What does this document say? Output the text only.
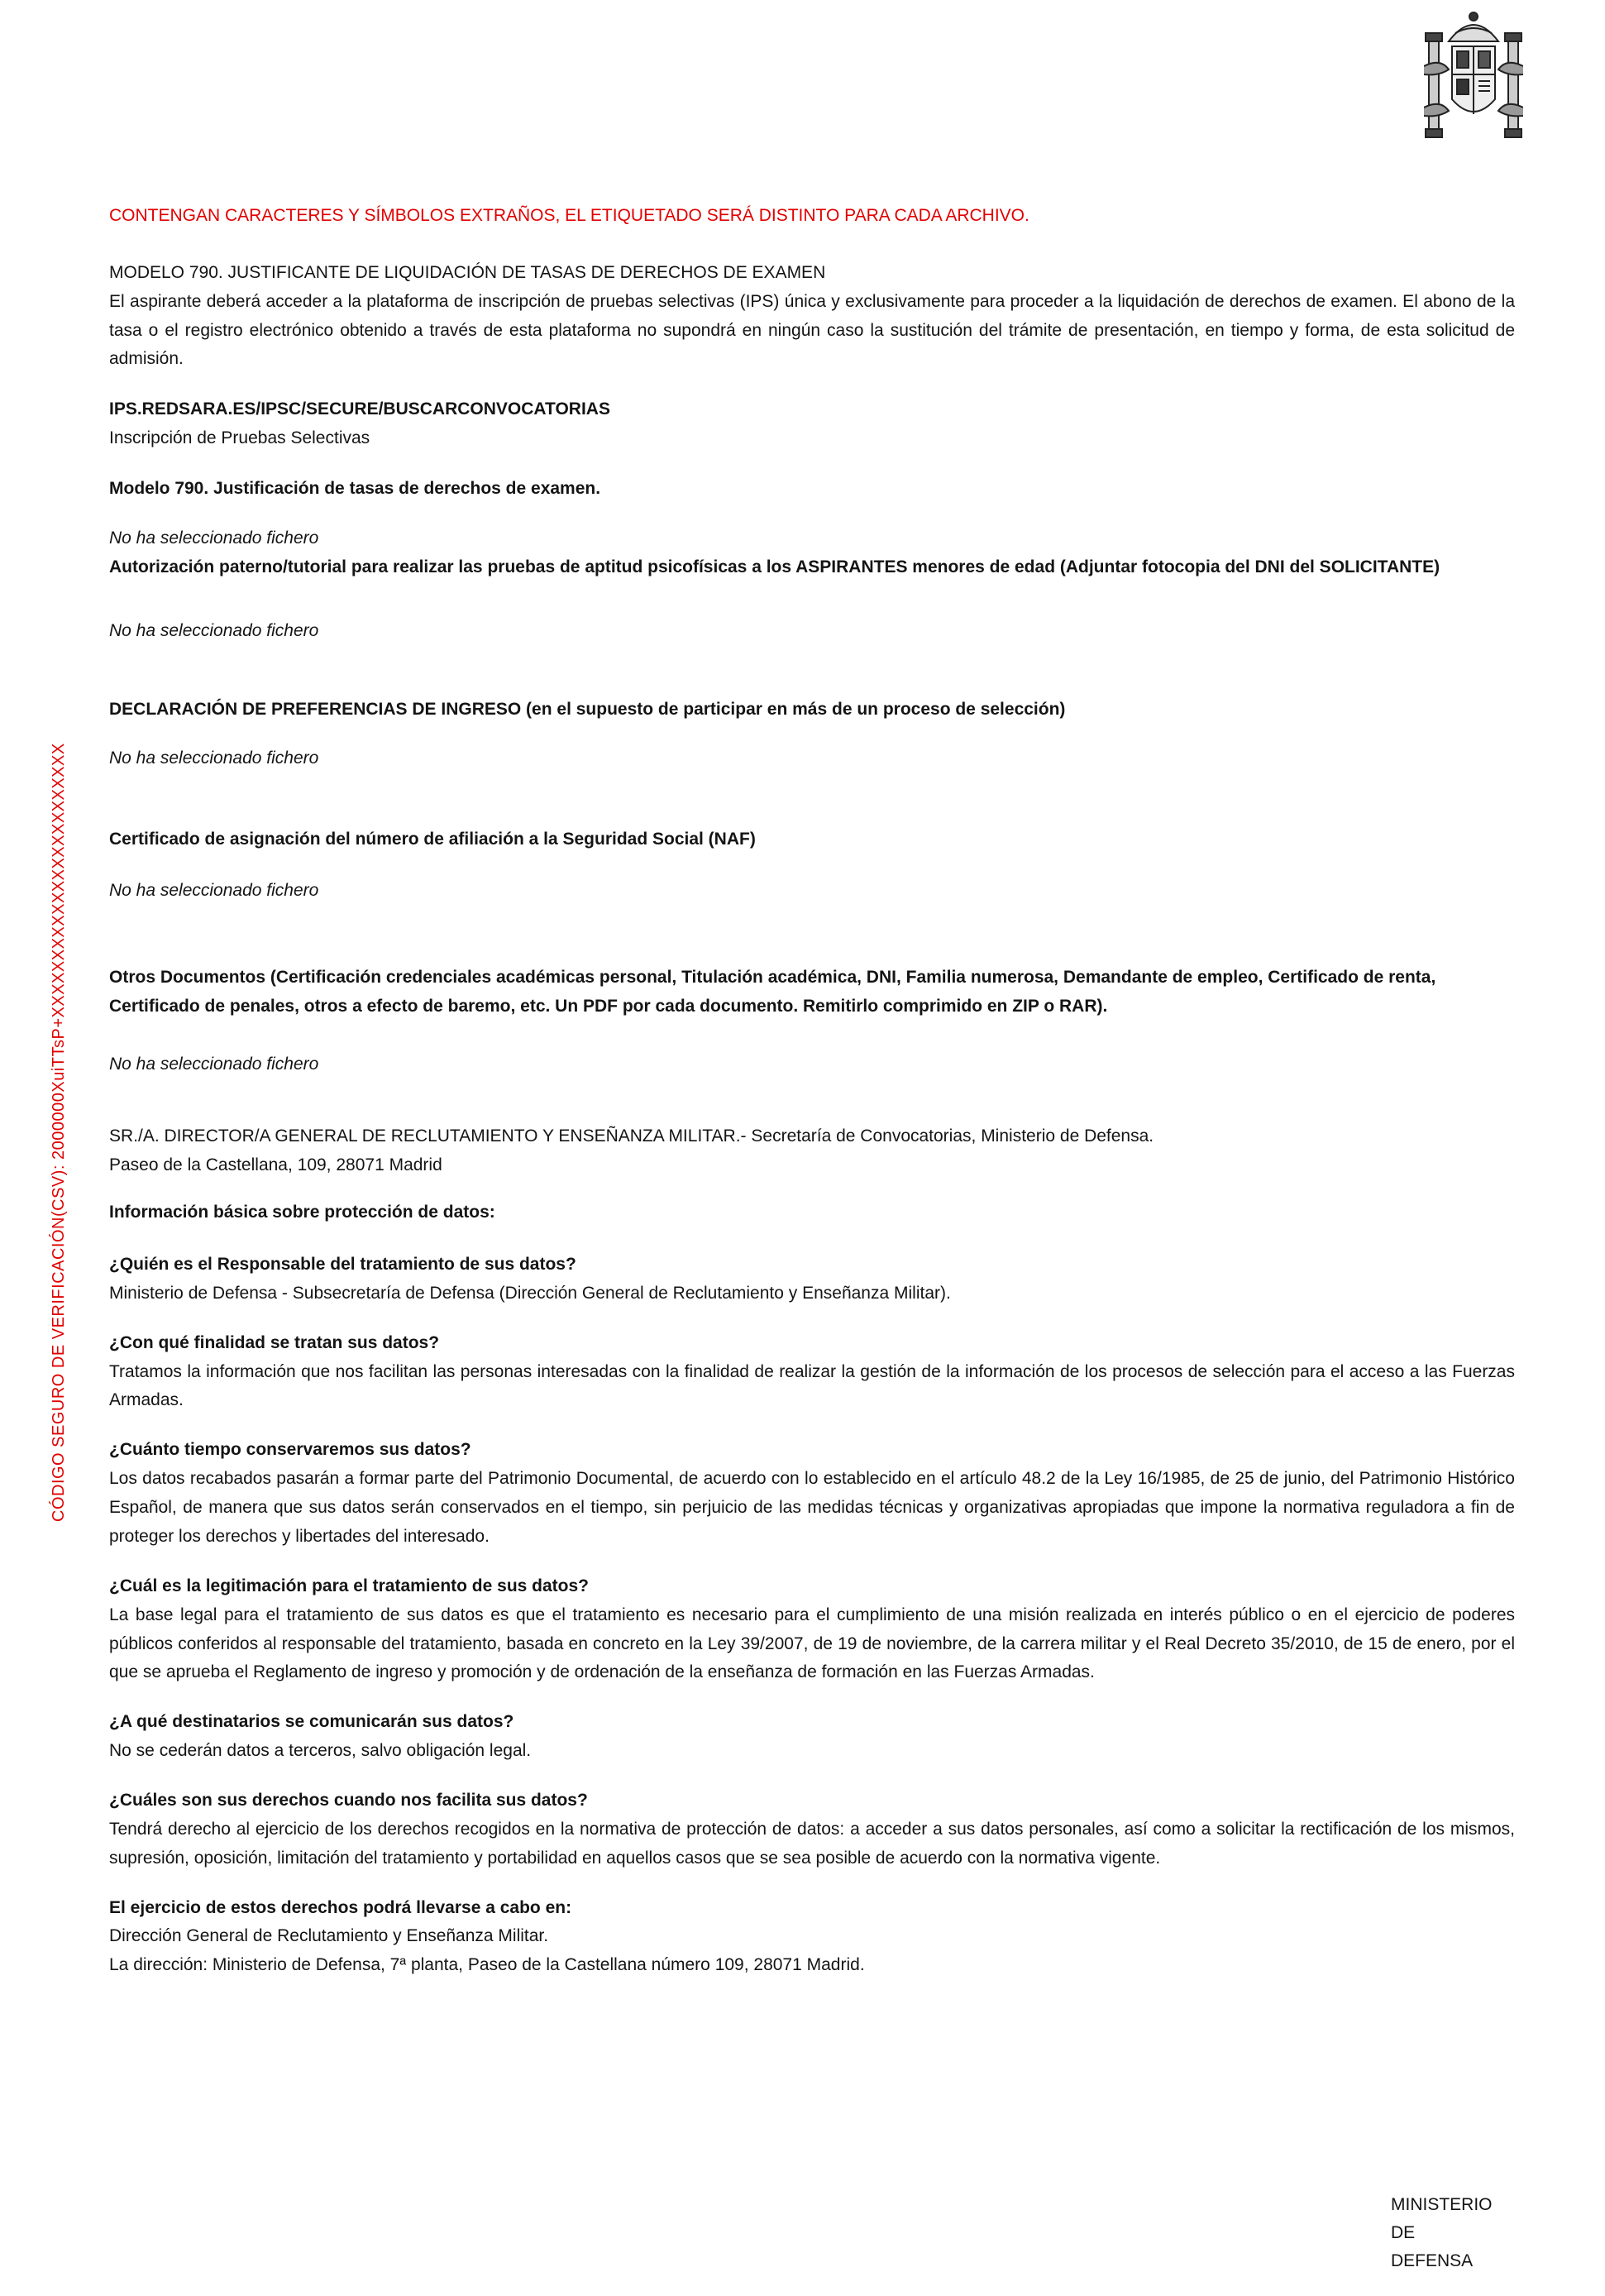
CÓDIGO SEGURO DE VERIFICACIÓN(CSV): 2000000XuiTTsP+XXXXXXXXXXXXXXXXXXXXXXXX

CONTENGAN CARACTERES Y SÍMBOLOS EXTRAÑOS, EL ETIQUETADO SERÁ DISTINTO PARA CADA ARCHIVO.

MODELO 790. JUSTIFICANTE DE LIQUIDACIÓN DE TASAS DE DERECHOS DE EXAMEN

El aspirante deberá acceder a la plataforma de inscripción de pruebas selectivas (IPS) única y exclusivamente para proceder a la liquidación de derechos de examen. El abono de la tasa o el registro electrónico obtenido a través de esta plataforma no supondrá en ningún caso la sustitución del trámite de presentación, en tiempo y forma, de esta solicitud de admisión.

IPS.REDSARA.ES/IPSC/SECURE/BUSCARCONVOCATORIAS

Inscripción de Pruebas Selectivas

Modelo 790. Justificación de tasas de derechos de examen.

No ha seleccionado fichero

Autorización paterno/tutorial para realizar las pruebas de aptitud psicofísicas a los ASPIRANTES menores de edad (Adjuntar fotocopia del DNI del SOLICITANTE)

No ha seleccionado fichero

DECLARACIÓN DE PREFERENCIAS DE INGRESO (en el supuesto de participar en más de un proceso de selección)

No ha seleccionado fichero

Certificado de asignación del número de afiliación a la Seguridad Social (NAF)

No ha seleccionado fichero

Otros Documentos (Certificación credenciales académicas personal, Titulación académica, DNI, Familia numerosa, Demandante de empleo, Certificado de renta, Certificado de penales, otros a efecto de baremo, etc. Un PDF por cada documento. Remitirlo comprimido en ZIP o RAR).

No ha seleccionado fichero

SR./A. DIRECTOR/A GENERAL DE RECLUTAMIENTO Y ENSEÑANZA MILITAR.- Secretaría de Convocatorias, Ministerio de Defensa.

Paseo de la Castellana, 109, 28071 Madrid

Información básica sobre protección de datos:

¿Quién es el Responsable del tratamiento de sus datos?

Ministerio de Defensa - Subsecretaría de Defensa (Dirección General de Reclutamiento y Enseñanza Militar).

¿Con qué finalidad se tratan sus datos?

Tratamos la información que nos facilitan las personas interesadas con la finalidad de realizar la gestión de la información de los procesos de selección para el acceso a las Fuerzas Armadas.

¿Cuánto tiempo conservaremos sus datos?

Los datos recabados pasarán a formar parte del Patrimonio Documental, de acuerdo con lo establecido en el artículo 48.2 de la Ley 16/1985, de 25 de junio, del Patrimonio Histórico Español, de manera que sus datos serán conservados en el tiempo, sin perjuicio de las medidas técnicas y organizativas apropiadas que impone la normativa reguladora a fin de proteger los derechos y libertades del interesado.

¿Cuál es la legitimación para el tratamiento de sus datos?

La base legal para el tratamiento de sus datos es que el tratamiento es necesario para el cumplimiento de una misión realizada en interés público o en el ejercicio de poderes públicos conferidos al responsable del tratamiento, basada en concreto en la Ley 39/2007, de 19 de noviembre, de la carrera militar y el Real Decreto 35/2010, de 15 de enero, por el que se aprueba el Reglamento de ingreso y promoción y de ordenación de la enseñanza de formación en las Fuerzas Armadas.

¿A qué destinatarios se comunicarán sus datos?

No se cederán datos a terceros, salvo obligación legal.

¿Cuáles son sus derechos cuando nos facilita sus datos?

Tendrá derecho al ejercicio de los derechos recogidos en la normativa de protección de datos: a acceder a sus datos personales, así como a solicitar la rectificación de los mismos, supresión, oposición, limitación del tratamiento y portabilidad en aquellos casos que se sea posible de acuerdo con la normativa vigente.

El ejercicio de estos derechos podrá llevarse a cabo en:

Dirección General de Reclutamiento y Enseñanza Militar.

La dirección: Ministerio de Defensa, 7ª planta, Paseo de la Castellana número 109, 28071 Madrid.

MINISTERIO

DE

DEFENSA
